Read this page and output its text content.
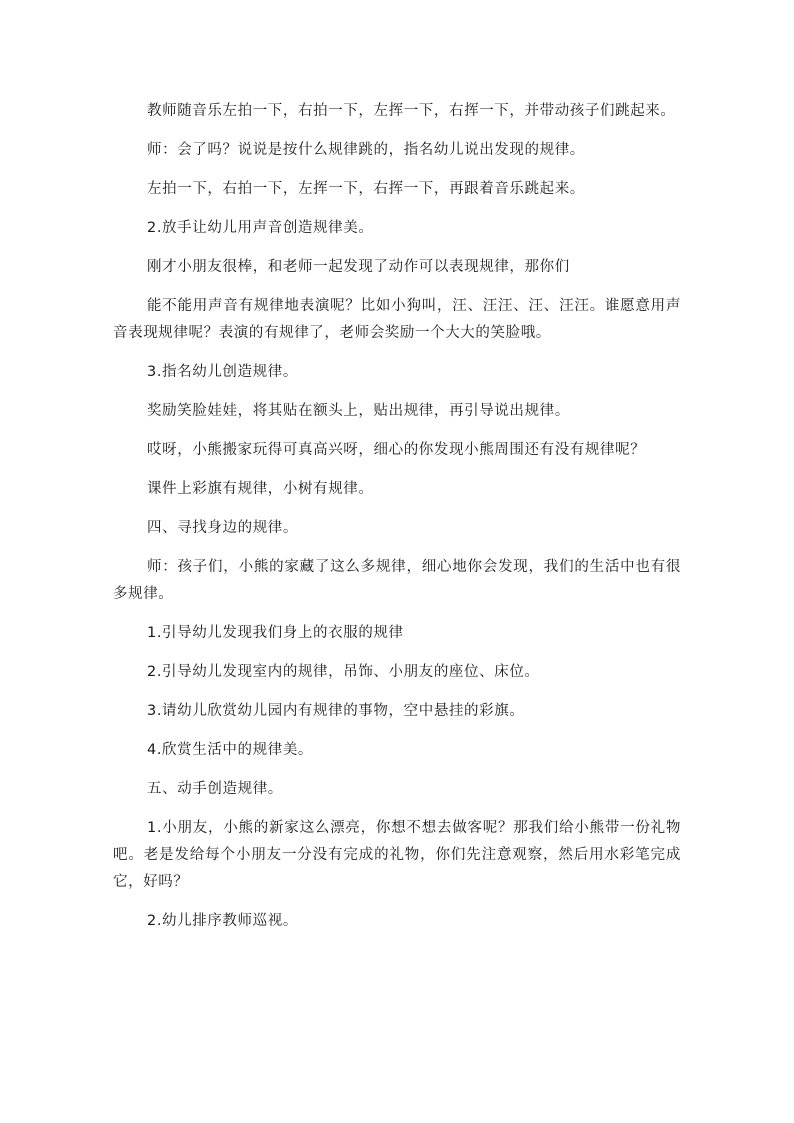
教师随音乐左拍一下，右拍一下，左挥一下，右挥一下，并带动孩子们跳起来。

师：会了吗？说说是按什么规律跳的，指名幼儿说出发现的规律。

左拍一下，右拍一下，左挥一下，右挥一下，再跟着音乐跳起来。

2.放手让幼儿用声音创造规律美。

刚才小朋友很棒，和老师一起发现了动作可以表现规律，那你们

能不能用声音有规律地表演呢？比如小狗叫，汪、汪汪、汪、汪汪。谁愿意用声音表现规律呢？表演的有规律了，老师会奖励一个大大的笑脸哦。

3.指名幼儿创造规律。

奖励笑脸娃娃，将其贴在额头上，贴出规律，再引导说出规律。

哎呀，小熊搬家玩得可真高兴呀，细心的你发现小熊周围还有没有规律呢？

课件上彩旗有规律，小树有规律。

四、寻找身边的规律。

师：孩子们，小熊的家藏了这么多规律，细心地你会发现，我们的生活中也有很多规律。

1.引导幼儿发现我们身上的衣服的规律

2.引导幼儿发现室内的规律，吊饰、小朋友的座位、床位。

3.请幼儿欣赏幼儿园内有规律的事物，空中悬挂的彩旗。

4.欣赏生活中的规律美。

五、动手创造规律。

1.小朋友，小熊的新家这么漂亮，你想不想去做客呢？那我们给小熊带一份礼物吧。老是发给每个小朋友一分没有完成的礼物，你们先注意观察，然后用水彩笔完成它，好吗？

2.幼儿排序教师巡视。
